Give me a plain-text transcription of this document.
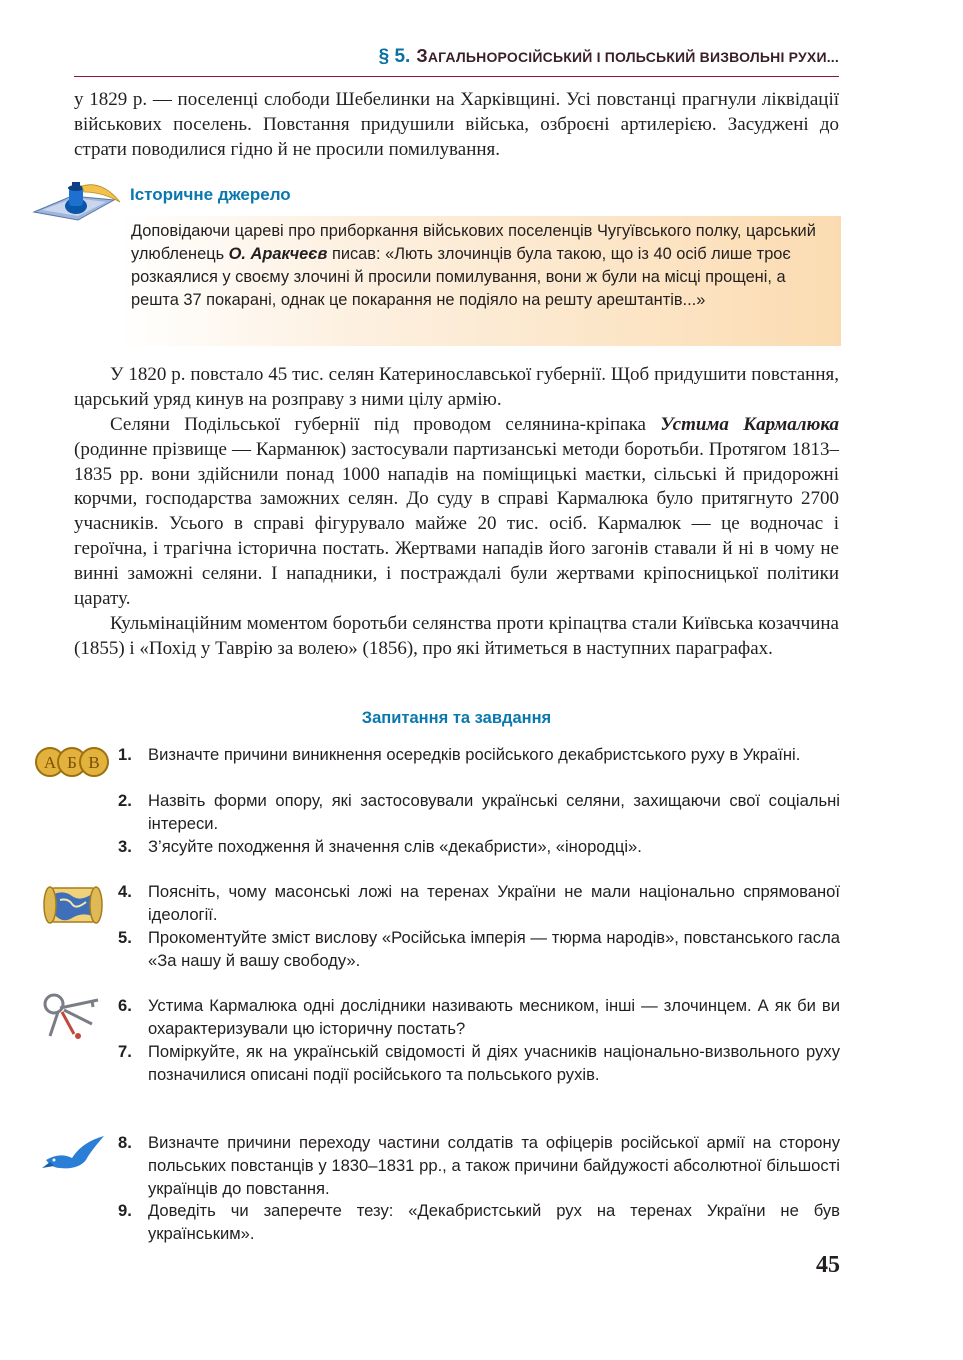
§ 5. ЗАГАЛЬНОРОСІЙСЬКИЙ І ПОЛЬСЬКИЙ ВИЗВОЛЬНІ РУХИ...
у 1829 р. — поселенці слободи Шебелинки на Харківщині. Усі повстанці прагнули ліквідації військових поселень. Повстання придушили війська, озброєні артилерією. Засуджені до страти поводилися гідно й не просили помилування.
Історичне джерело
Доповідаючи цареві про приборкання військових поселенців Чугуївського полку, царський улюбленець О. Аракчеєв писав: «Лють злочинців була такою, що із 40 осіб лише троє розкаялися у своєму злочині й просили помилування, вони ж були на місці прощені, а решта 37 покарані, однак це покарання не подіяло на решту арештантів...»
У 1820 р. повстало 45 тис. селян Катеринославської губернії. Щоб придушити повстання, царський уряд кинув на розправу з ними цілу армію.
Селяни Подільської губернії під проводом селянина-кріпака Устима Кармалюка (родинне прізвище — Карманюк) застосували партизанські методи боротьби. Протягом 1813–1835 рр. вони здійснили понад 1000 нападів на поміщицькі маєтки, сільські й придорожні корчми, господарства заможних селян. До суду в справі Кармалюка було притягнуто 2700 учасників. Усього в справі фігурувало майже 20 тис. осіб. Кармалюк — це водночас і героїчна, і трагічна історична постать. Жертвами нападів його загонів ставали й ні в чому не винні заможні селяни. І нападники, і постраждалі були жертвами кріпосницької політики царату.
Кульмінаційним моментом боротьби селянства проти кріпацтва стали Київська козаччина (1855) і «Похід у Таврію за волею» (1856), про які йтиметься в наступних параграфах.
Запитання та завдання
А Б В 1. Визначте причини виникнення осередків російського декабристського руху в Україні.
2. Назвіть форми опору, які застосовували українські селяни, захищаючи свої соціальні інтереси.
3. З’ясуйте походження й значення слів «декабристи», «інородці».
4. Поясніть, чому масонські ложі на теренах України не мали національно спрямованої ідеології.
5. Прокоментуйте зміст вислову «Російська імперія — тюрма народів», повстанського гасла «За нашу й вашу свободу».
6. Устима Кармалюка одні дослідники називають месником, інші — злочинцем. А як би ви охарактеризували цю історичну постать?
7. Поміркуйте, як на українській свідомості й діях учасників національно-визвольного руху позначилися описані події російського та польського рухів.
8. Визначте причини переходу частини солдатів та офіцерів російської армії на сторону польських повстанців у 1830–1831 рр., а також причини байдужості абсолютної більшості українців до повстання.
9. Доведіть чи заперечте тезу: «Декабристський рух на теренах України не був українським».
45
